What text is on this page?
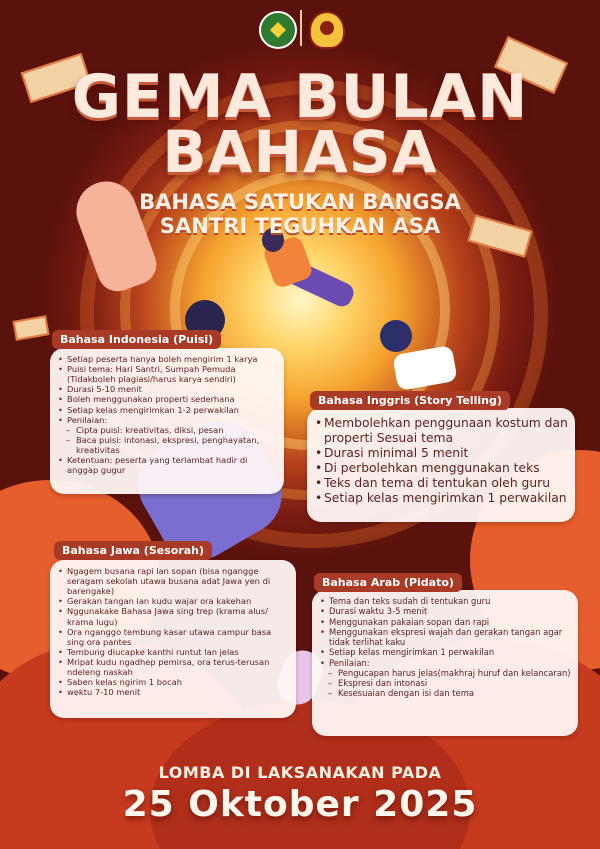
GEMA BULAN
BAHASA
BAHASA SATUKAN BANGSA
SANTRI TEGUHKAN ASA
• Setiap peserta hanya boleh mengirim 1 karya
• Puisi tema: Hari Santri, Sumpah Pemuda (Tidakboleh plagiasi/harus karya sendiri)
• Durasi 5-10 menit
• Boleh menggunakan properti sederhana
• Setiap kelas mengirimkan 1-2 perwakilan
• Penilaian:
– Cipta puisi: kreativitas, diksi, pesan
– Baca puisi: intonasi, ekspresi, penghayatan, kreativitas
• Ketentuan: peserta yang terlambat hadir di anggap gugur
Bahasa Indonesia (Puisi)
• Membolehkan penggunaan kostum dan properti Sesuai tema
• Durasi minimal 5 menit
• Di perbolehkan menggunakan teks
• Teks dan tema di tentukan oleh guru
• Setiap kelas mengirimkan 1 perwakilan
Bahasa Inggris (Story Telling)
• Ngagem busana rapi lan sopan (bisa ngangge seragam sekolah utawa busana adat Jawa yen di barengake)
• Gerakan tangan lan kudu wajar ora kakehan
• Nggunakake Bahasa Jawa sing trep (krama alus/ krama lugu)
• Ora nganggo tembung kasar utawa campur basa sing ora pantes
• Tembung diucapke kanthi runtut lan jelas
• Mripat kudu ngadhep pemirsa, ora terus-terusan ndeleng naskah
• Saben kelas ngirim 1 bocah
• wektu 7-10 menit
Bahasa Jawa (Sesorah)
• Tema dan teks sudah di tentukan guru
• Durasi waktu 3-5 menit
• Menggunakan pakaian sopan dan rapi
• Menggunakan ekspresi wajah dan gerakan tangan agar tidak terlihat kaku
• Setiap kelas mengirimkan 1 perwakilan
• Penilaian:
– Pengucapan harus jelas(makhraj huruf dan kelancaran)
– Ekspresi dan intonasi
– Kesesuaian dengan isi dan tema
Bahasa Arab (Pidato)
LOMBA DI LAKSANAKAN PADA
25 Oktober 2025
